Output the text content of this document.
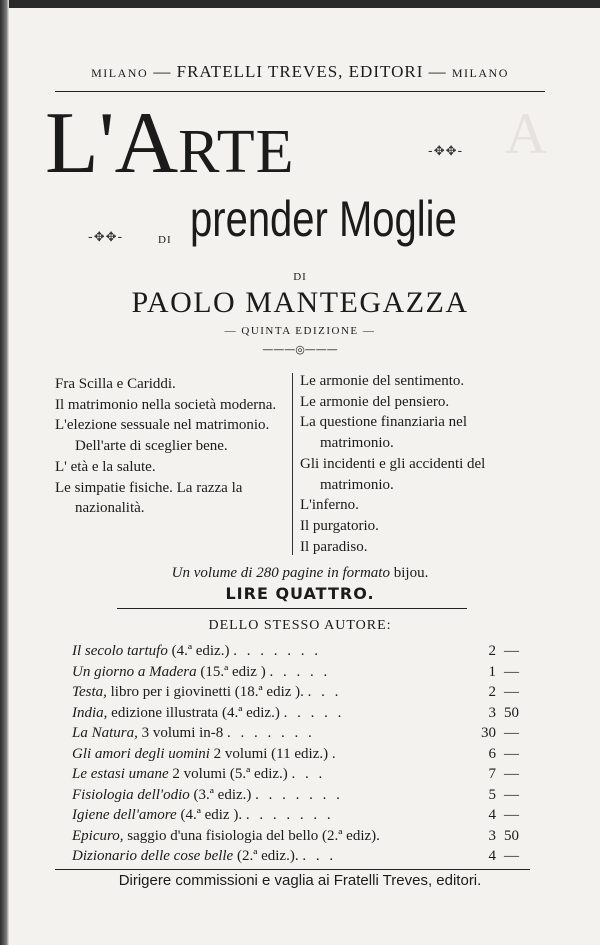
MILANO — FRATELLI TREVES, EDITORI — MILANO
A
L'ARTE	-✥✥-
-✥✥-	DI prender Moglie
DI
PAOLO MANTEGAZZA
— QUINTA EDIZIONE —
———◎———
Fra Scilla e Cariddi.
Il matrimonio nella società moderna.
L'elezione sessuale nel matrimonio. Dell'arte di sceglier bene.
L' età e la salute.
Le simpatie fisiche. La razza la nazionalità.
Le armonie del sentimento.
Le armonie del pensiero.
La questione finanziaria nel matrimonio.
Gli incidenti e gli accidenti del matrimonio.
L'inferno.
Il purgatorio.
Il paradiso.
Un volume di 280 pagine in formato bijou.
LIRE QUATTRO.
DELLO STESSO AUTORE:
Il secolo tartufo (4.ª ediz.) . . . . . . .	2 —
Un giorno a Madera (15.ª ediz ) . . . . .	1 —
Testa, libro per i giovinetti (18.ª ediz ). . . .	2 —
India, edizione illustrata (4.ª ediz.) . . . . .	3 50
La Natura, 3 volumi in-8 . . . . . . .	30 —
Gli amori degli uomini 2 volumi (11 ediz.) .	6 —
Le estasi umane 2 volumi (5.ª ediz.) . . .	7 —
Fisiologia dell'odio (3.ª ediz.) . . . . . . .	5 —
Igiene dell'amore (4.ª ediz ). . . . . . . .	4 —
Epicuro, saggio d'una fisiologia del bello (2.ª ediz).	3 50
Dizionario delle cose belle (2.ª ediz.). . . .	4 —
Dirigere commissioni e vaglia ai Fratelli Treves, editori.
